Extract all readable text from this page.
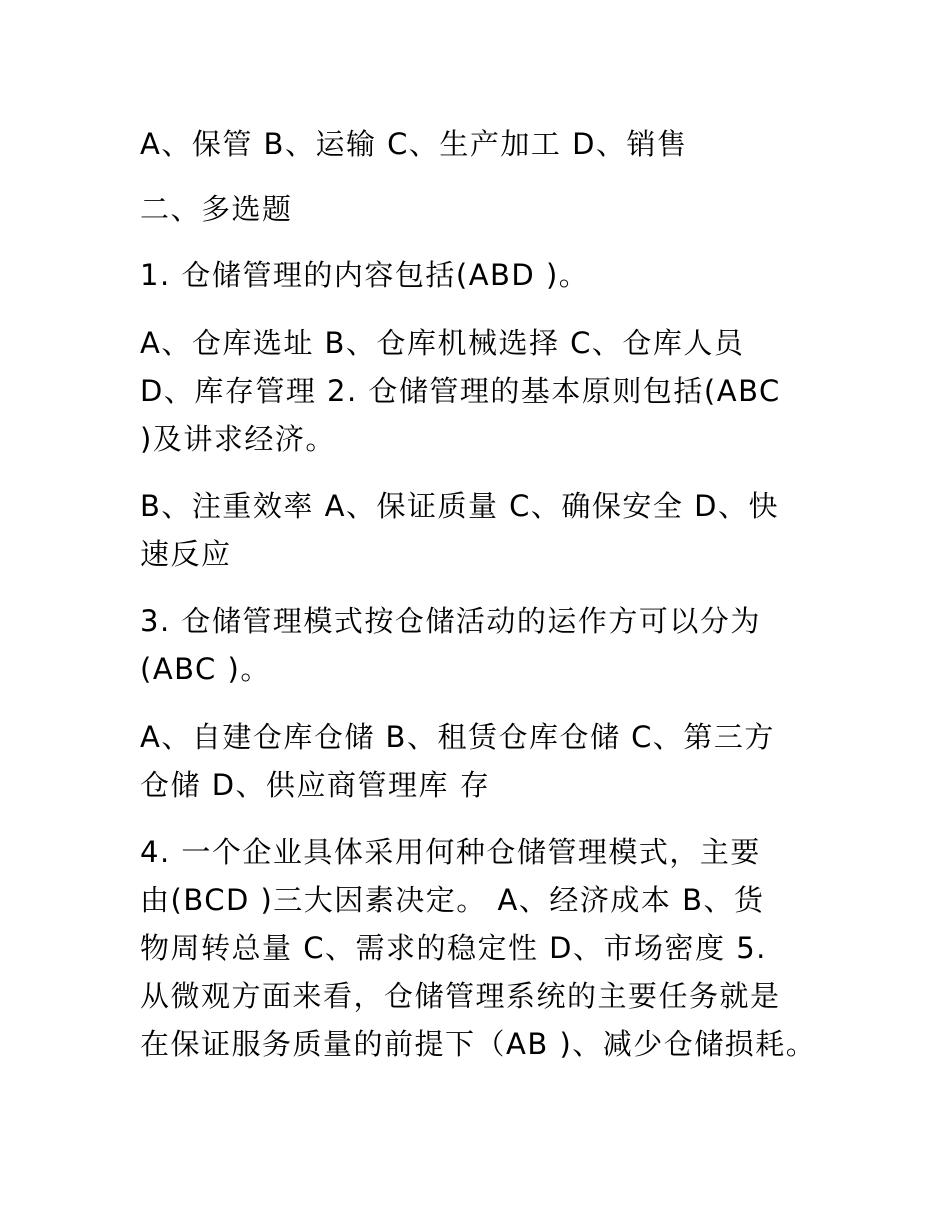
A、保管 B、运输 C、生产加工 D、销售
二、多选题
1. 仓储管理的内容包括(ABD )。
A、仓库选址 B、仓库机械选择 C、仓库人员
D、库存管理 2. 仓储管理的基本原则包括(ABC
)及讲求经济。
B、注重效率 A、保证质量 C、确保安全 D、快
速反应
3. 仓储管理模式按仓储活动的运作方可以分为
(ABC )。
A、自建仓库仓储 B、租赁仓库仓储 C、第三方
仓储 D、供应商管理库 存
4. 一个企业具体采用何种仓储管理模式，主要
由(BCD )三大因素决定。 A、经济成本 B、货
物周转总量 C、需求的稳定性 D、市场密度 5.
从微观方面来看，仓储管理系统的主要任务就是
在保证服务质量的前提下（AB )、减少仓储损耗。
